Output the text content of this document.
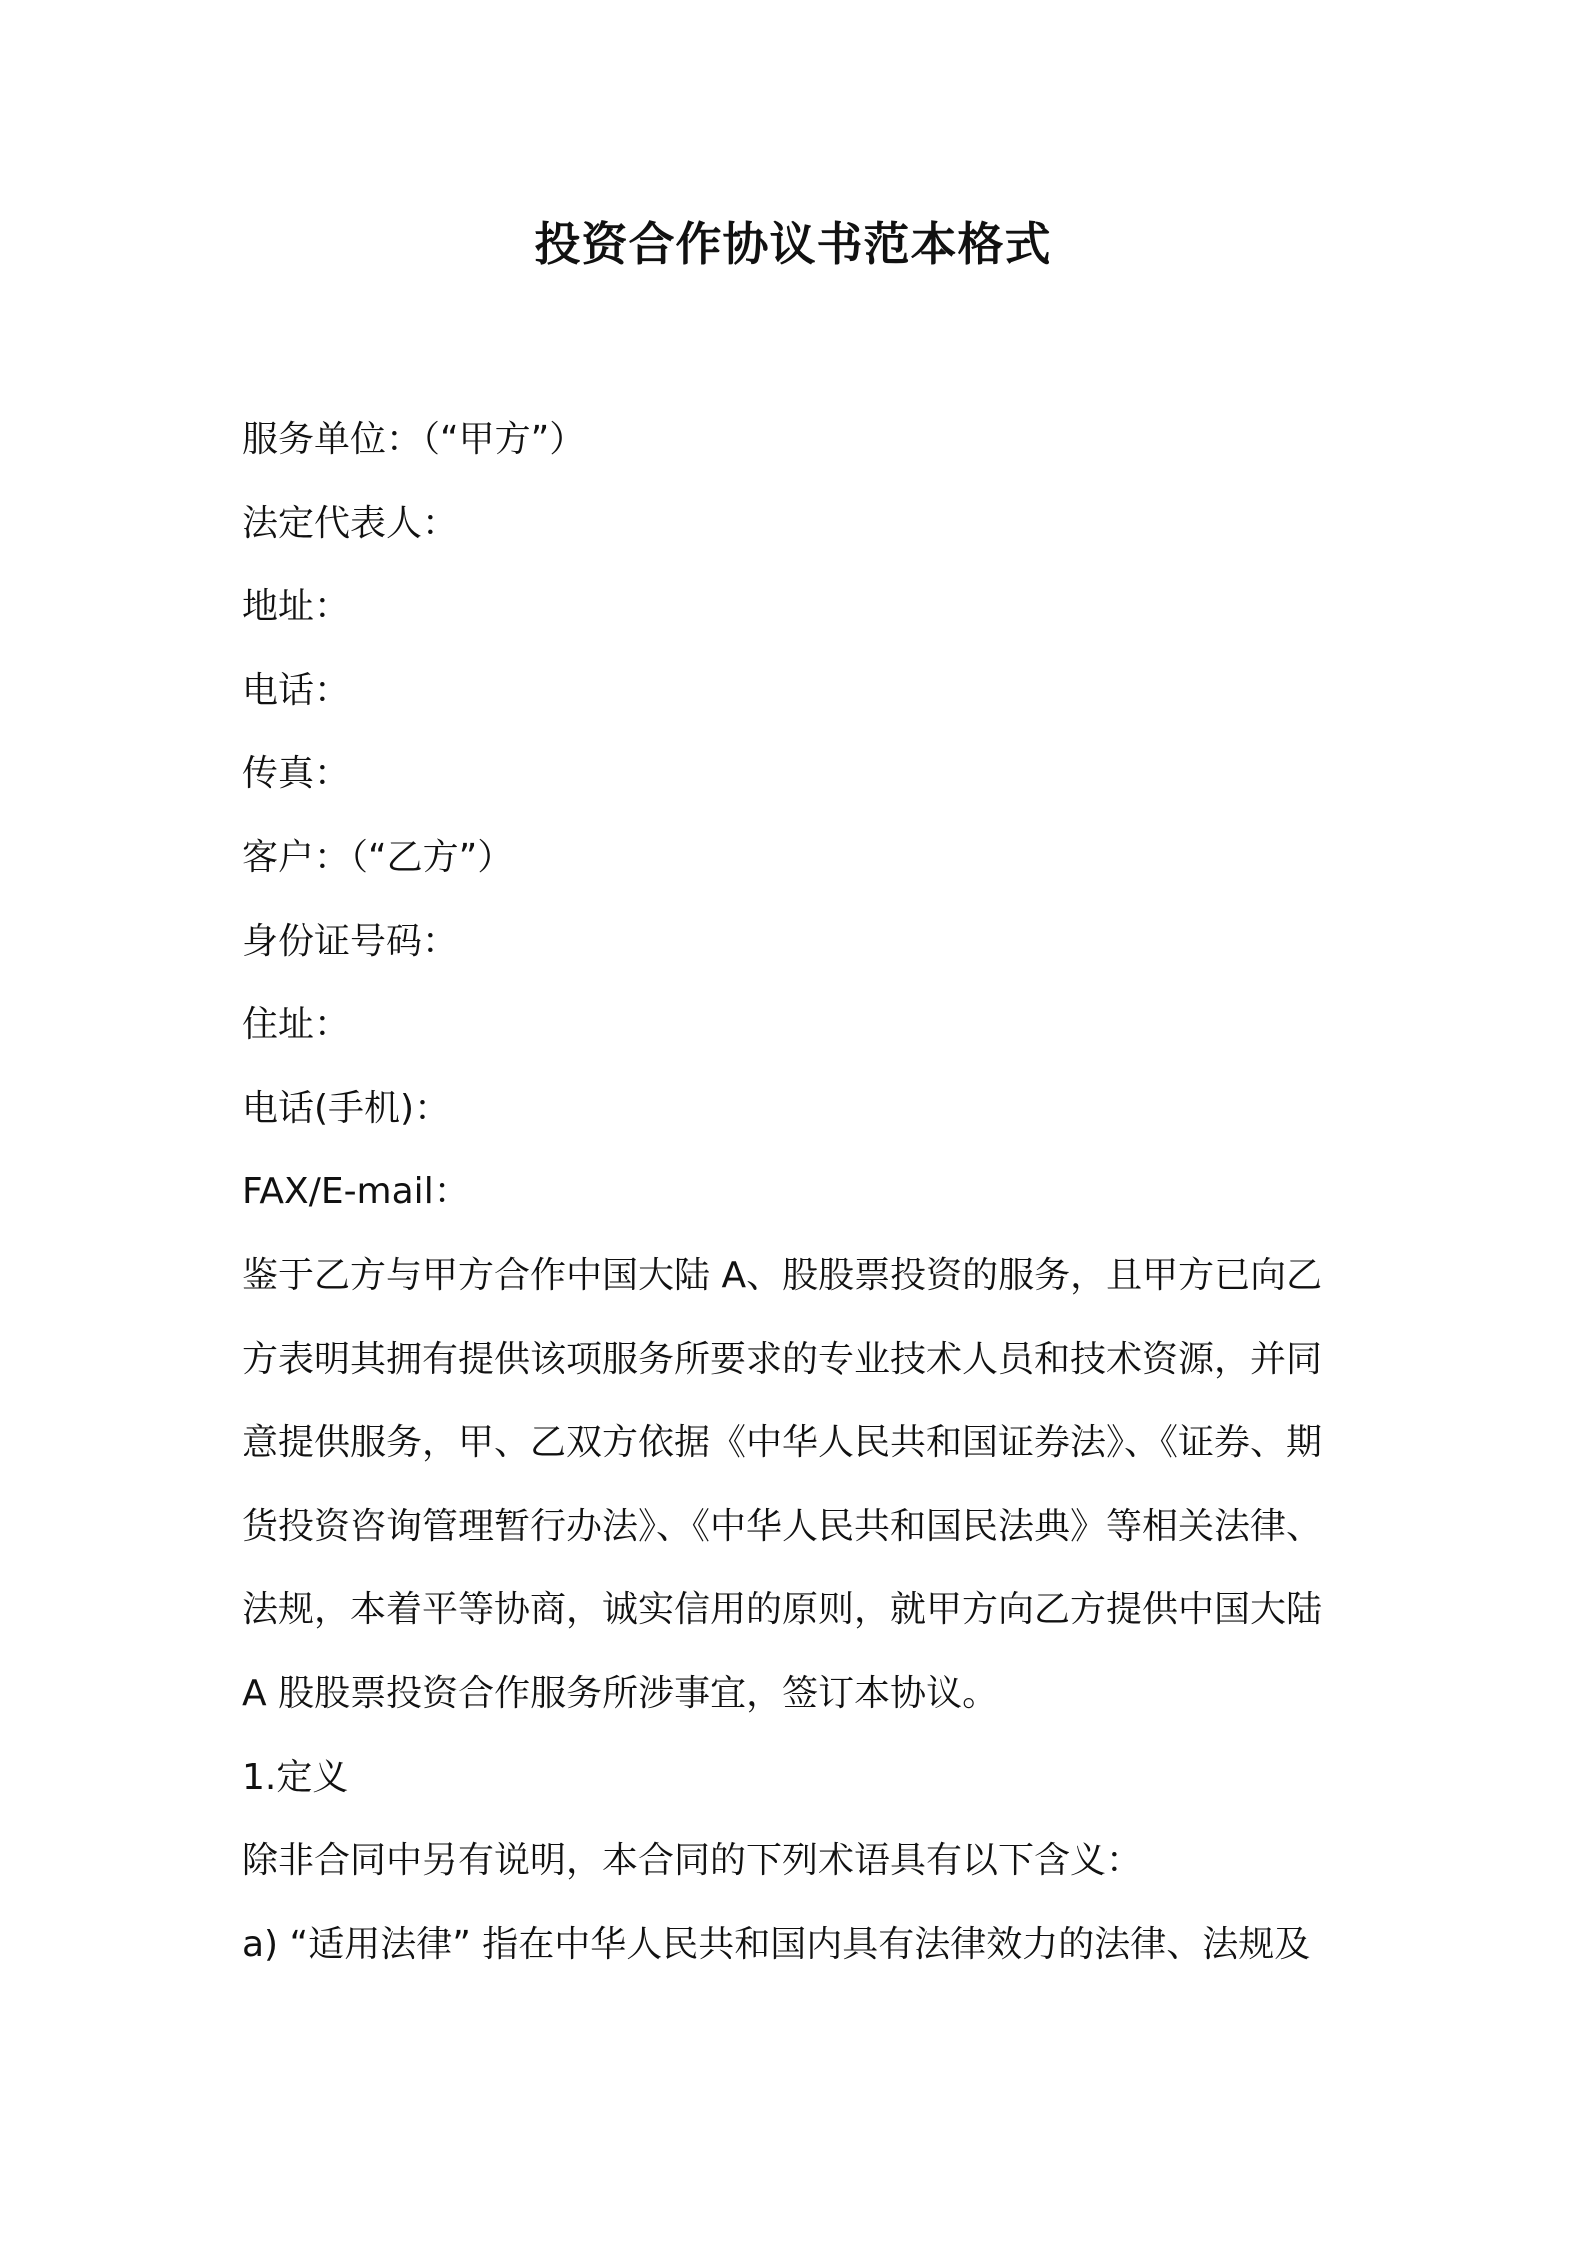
投资合作协议书范本格式
服务单位：（“甲方”）
法定代表人：
地址：
电话：
传真：
客户：（“乙方”）
身份证号码：
住址：
电话(手机)：
FAX/E-mail：
鉴于乙方与甲方合作中国大陆 A、股股票投资的服务，且甲方已向乙
方表明其拥有提供该项服务所要求的专业技术人员和技术资源，并同
意提供服务，甲、乙双方依据《中华人民共和国证券法》、《证券、期
货投资咨询管理暂行办法》、《中华人民共和国民法典》等相关法律、
法规，本着平等协商，诚实信用的原则，就甲方向乙方提供中国大陆
A 股股票投资合作服务所涉事宜，签订本协议。
1.定义
除非合同中另有说明，本合同的下列术语具有以下含义：
a) “适用法律” 指在中华人民共和国内具有法律效力的法律、法规及
